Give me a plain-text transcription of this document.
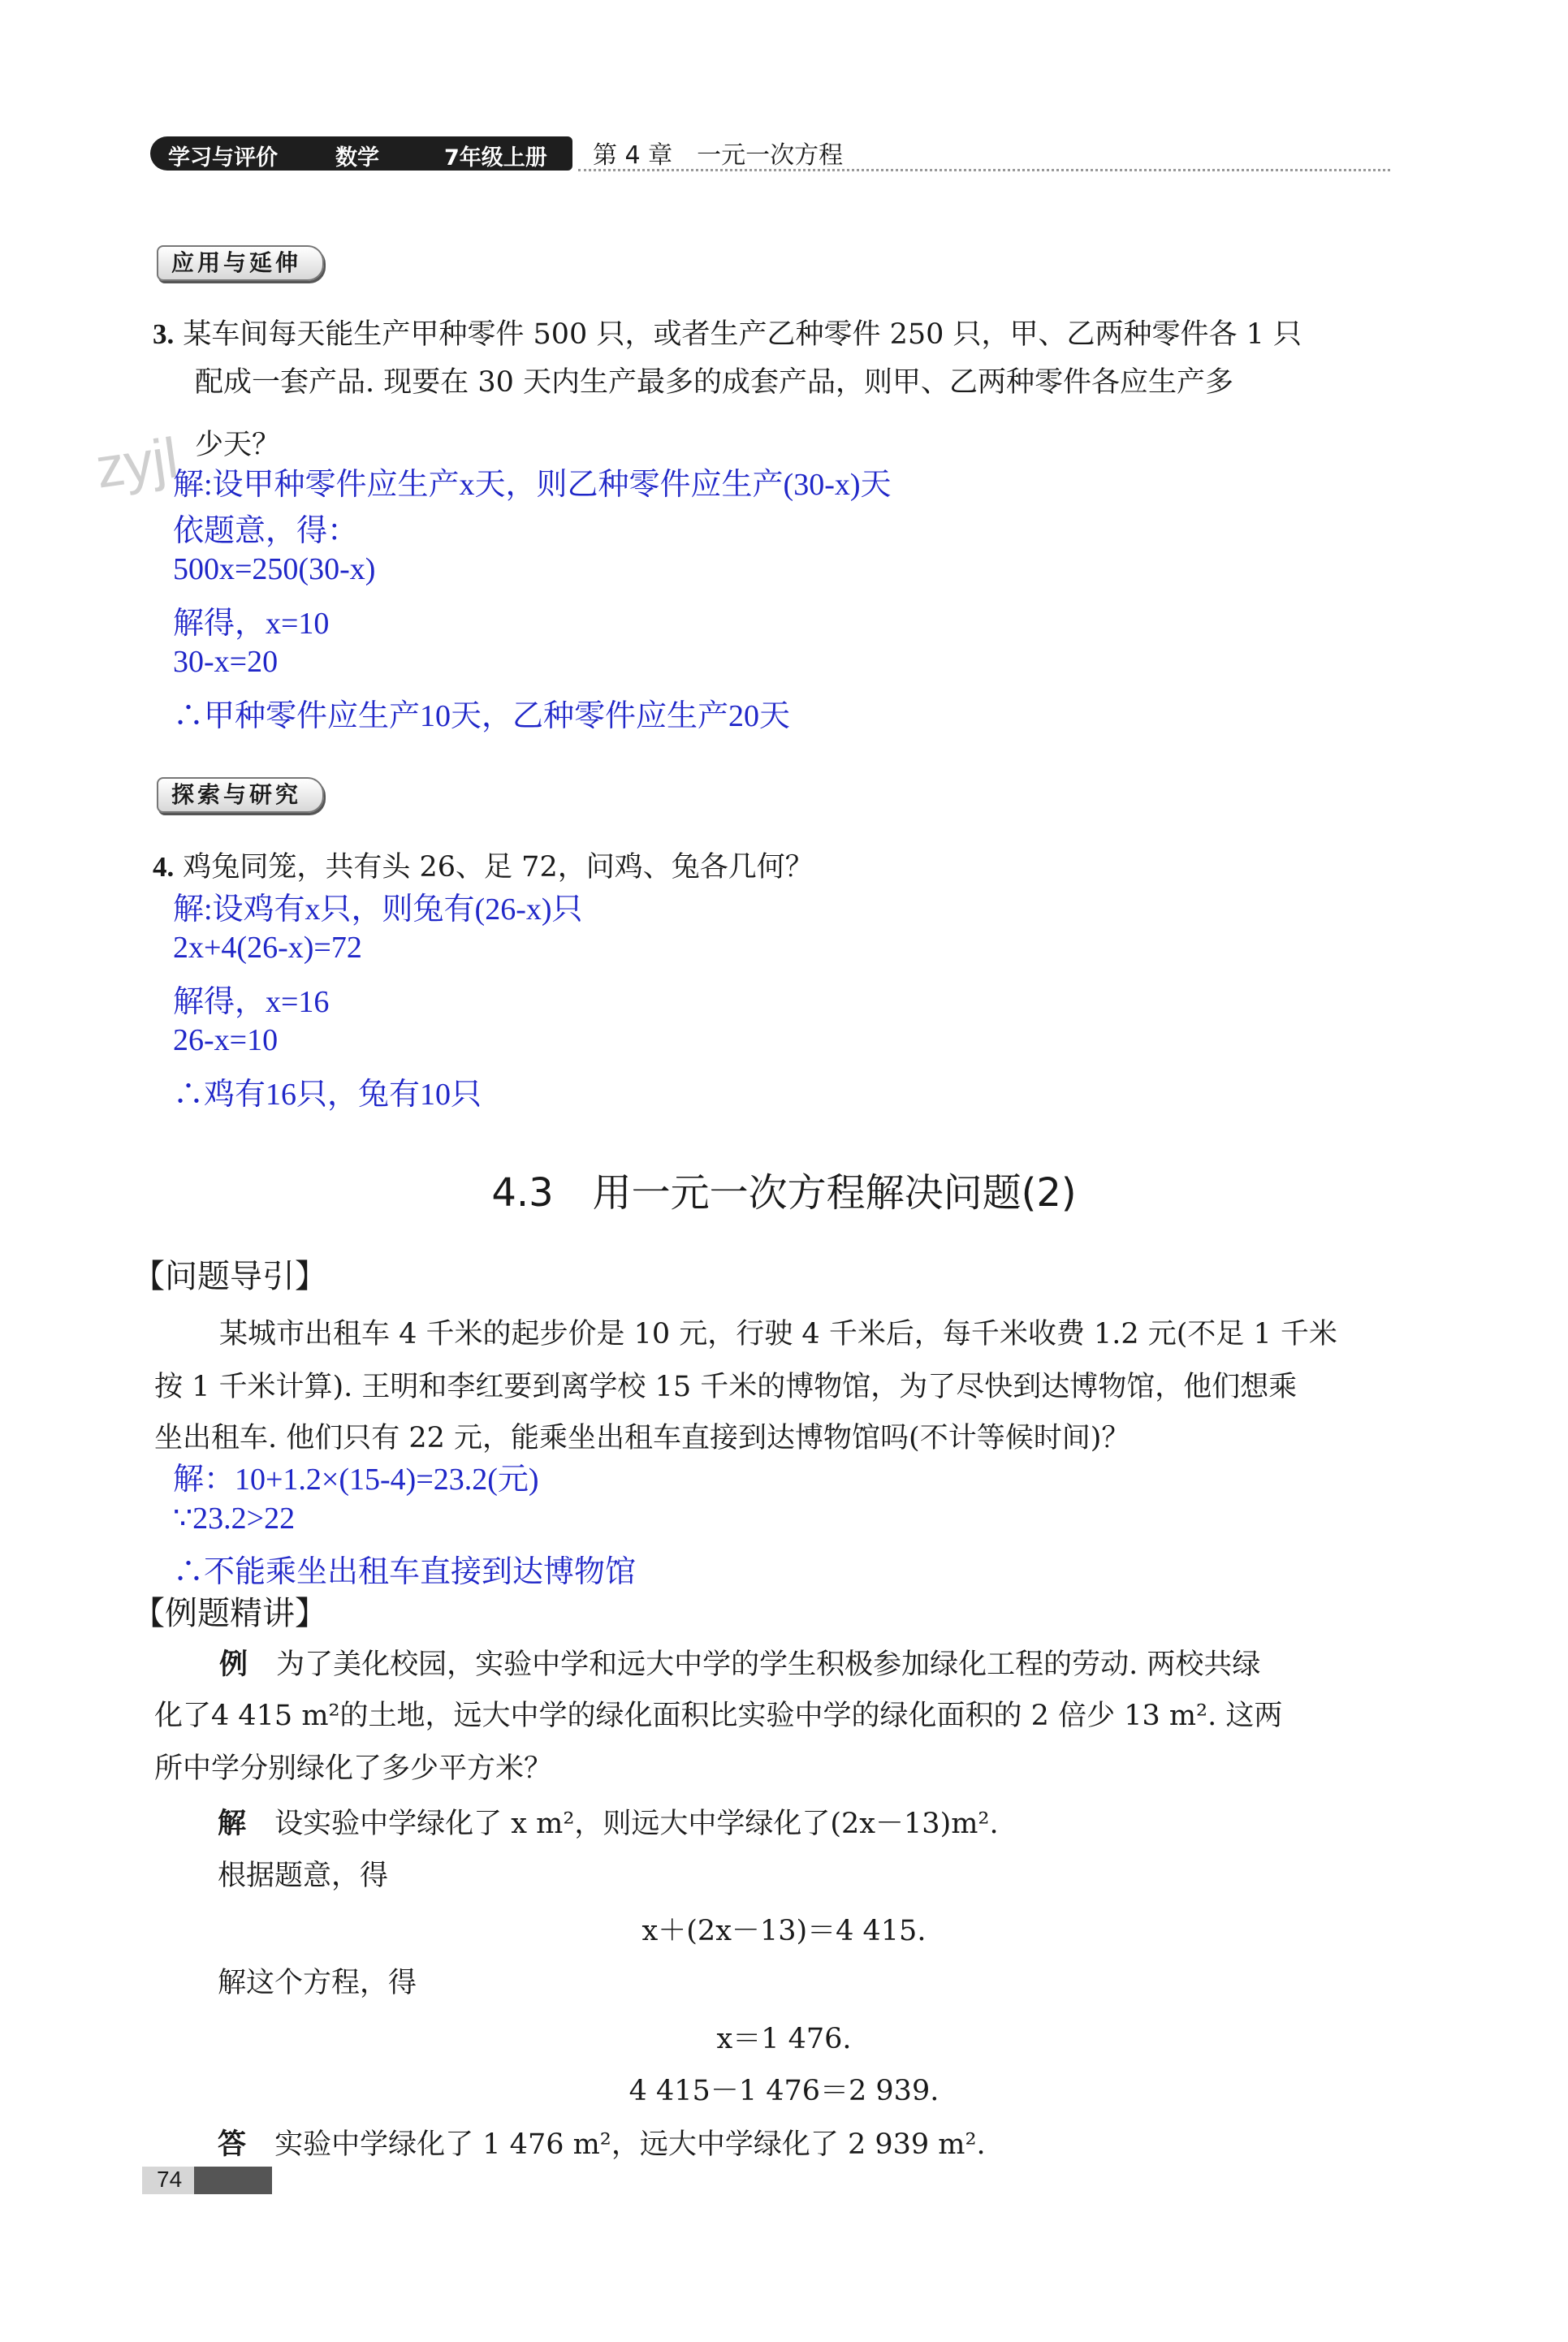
学习与评价	数学	7年级上册 第 4 章　一元一次方程
应用与延伸
3. 某车间每天能生产甲种零件 500 只，或者生产乙种零件 250 只，甲、乙两种零件各 1 只
配成一套产品. 现要在 30 天内生产最多的成套产品，则甲、乙两种零件各应生产多
少天？
zyjl
解:设甲种零件应生产x天，则乙种零件应生产(30-x)天
依题意，得：
500x=250(30-x)
解得，x=10
30-x=20
∴甲种零件应生产10天，乙种零件应生产20天
探索与研究
4. 鸡兔同笼，共有头 26、足 72，问鸡、兔各几何？
解:设鸡有x只，则兔有(26-x)只
2x+4(26-x)=72
解得，x=16
26-x=10
∴鸡有16只，兔有10只
4.3　用一元一次方程解决问题(2)
【问题导引】
某城市出租车 4 千米的起步价是 10 元，行驶 4 千米后，每千米收费 1.2 元(不足 1 千米
按 1 千米计算). 王明和李红要到离学校 15 千米的博物馆，为了尽快到达博物馆，他们想乘
坐出租车. 他们只有 22 元，能乘坐出租车直接到达博物馆吗(不计等候时间)？
解：10+1.2×(15-4)=23.2(元)
∵23.2>22
∴不能乘坐出租车直接到达博物馆
【例题精讲】
例 为了美化校园，实验中学和远大中学的学生积极参加绿化工程的劳动. 两校共绿
化了4 415 m²的土地，远大中学的绿化面积比实验中学的绿化面积的 2 倍少 13 m². 这两
所中学分别绿化了多少平方米？
解 设实验中学绿化了 x m²，则远大中学绿化了(2x－13)m².
根据题意，得
x＋(2x－13)＝4 415.
解这个方程，得
x＝1 476.
4 415－1 476＝2 939.
答 实验中学绿化了 1 476 m²，远大中学绿化了 2 939 m².
74
